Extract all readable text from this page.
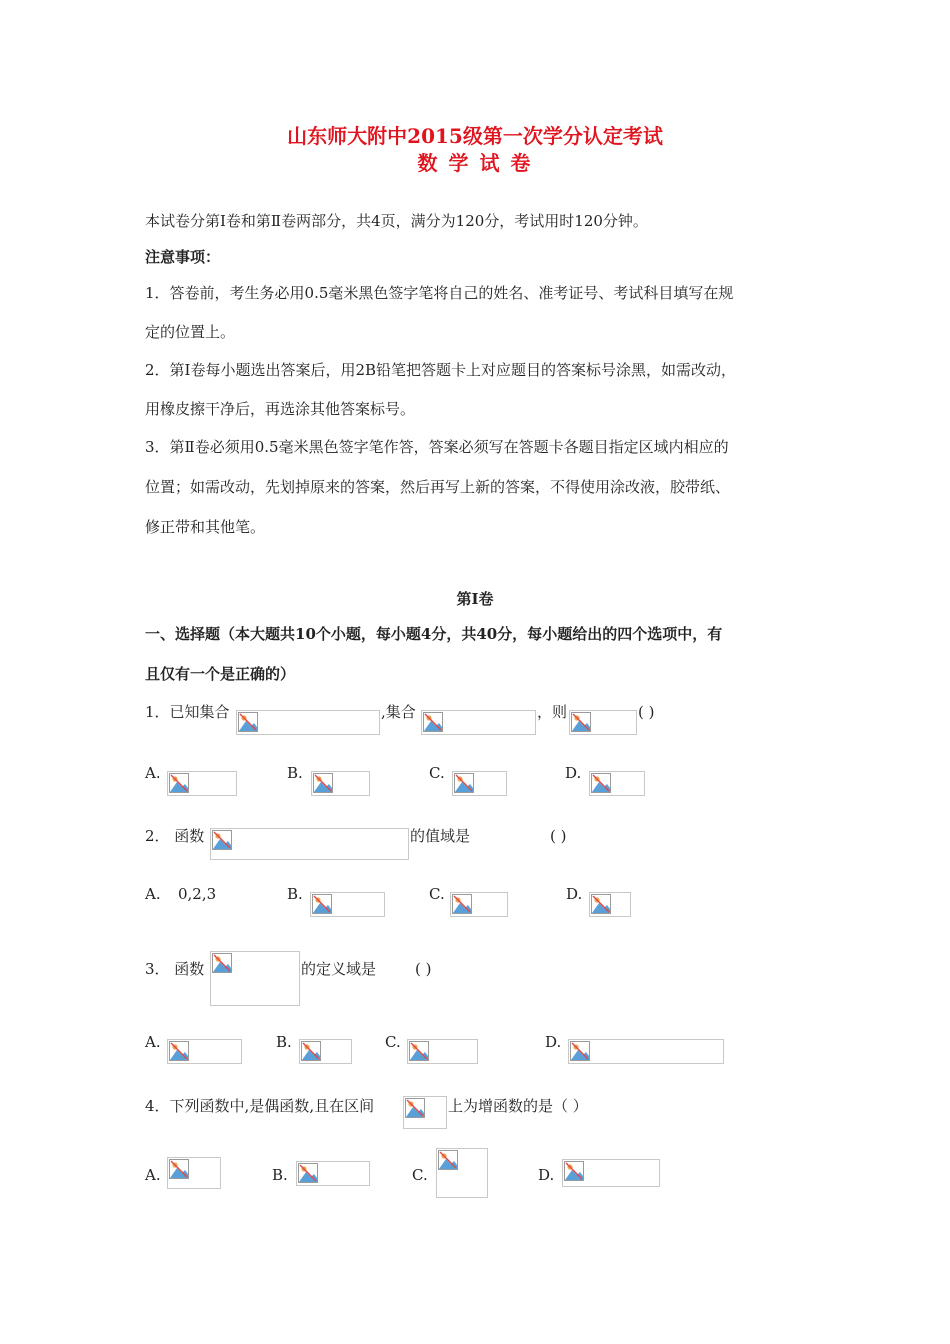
山东师大附中2015级第一次学分认定考试
数 学 试 卷
本试卷分第Ⅰ卷和第Ⅱ卷两部分，共4页，满分为120分，考试用时120分钟。
注意事项：
1．答卷前，考生务必用0.5毫米黑色签字笔将自己的姓名、准考证号、考试科目填写在规
定的位置上。
2．第Ⅰ卷每小题选出答案后，用2B铅笔把答题卡上对应题目的答案标号涂黑，如需改动，
用橡皮擦干净后，再选涂其他答案标号。
3．第Ⅱ卷必须用0.5毫米黑色签字笔作答，答案必须写在答题卡各题目指定区域内相应的
位置；如需改动，先划掉原来的答案，然后再写上新的答案，不得使用涂改液，胶带纸、
修正带和其他笔。
第Ⅰ卷
一、选择题（本大题共10个小题，每小题4分，共40分，每小题给出的四个选项中，有
且仅有一个是正确的）
1．已知集合	,集合	，则	( )
A.	B.	C.	D.
2． 函数	的值域是	( )
A. 0,2,3	B.	C.	D.
3． 函数	的定义域是	( )
A.	B.	C.	D.
4．下列函数中,是偶函数,且在区间	上为增函数的是（ ）
A.	B.	C.	D.
